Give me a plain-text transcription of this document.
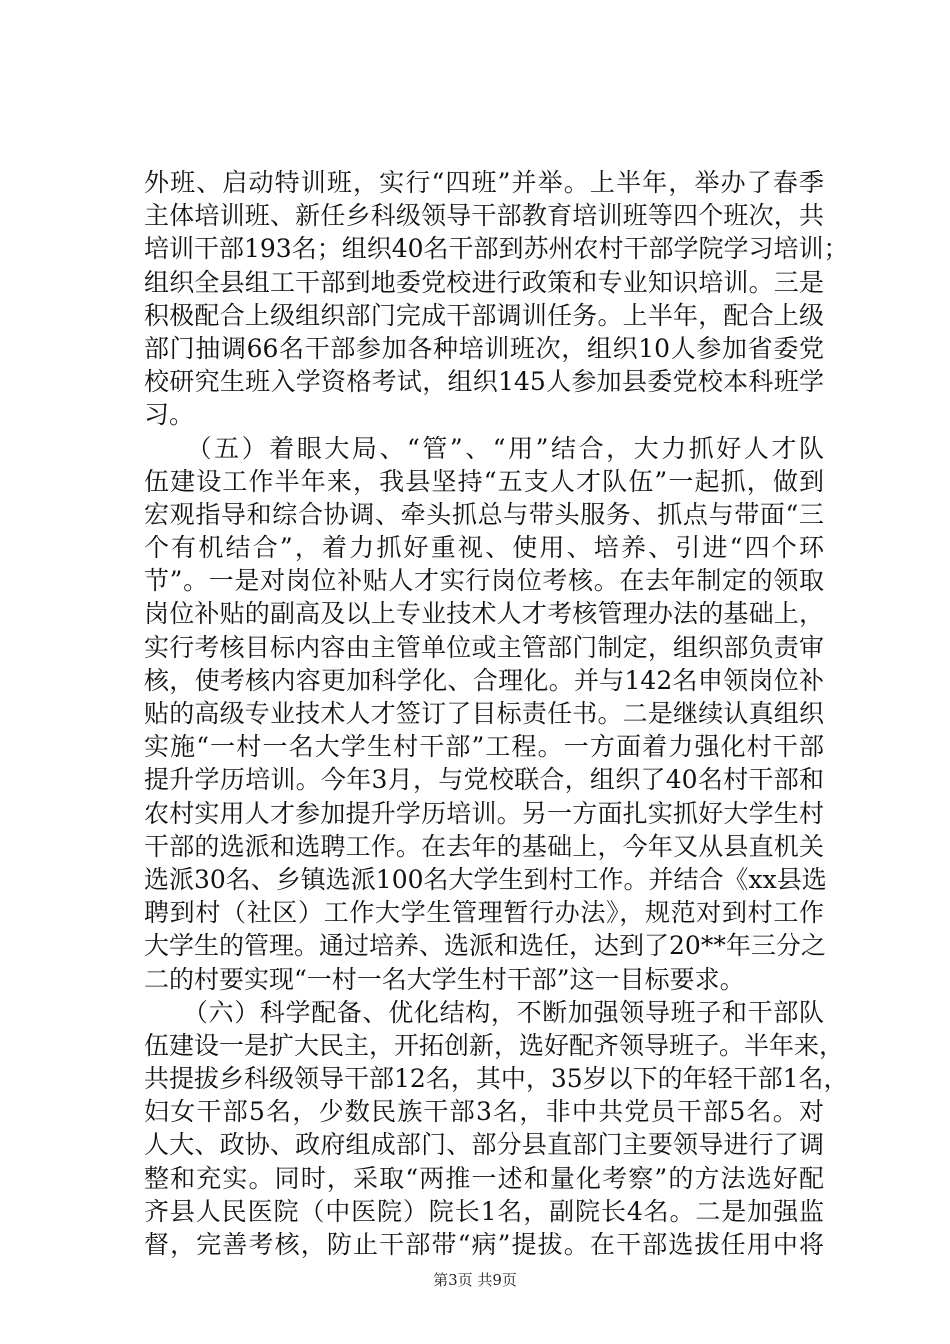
外班、启动特训班，实行“四班”并举。上半年，举办了春季
主体培训班、新任乡科级领导干部教育培训班等四个班次，共
培训干部193名；组织40名干部到苏州农村干部学院学习培训；
组织全县组工干部到地委党校进行政策和专业知识培训。三是
积极配合上级组织部门完成干部调训任务。上半年，配合上级
部门抽调66名干部参加各种培训班次，组织10人参加省委党
校研究生班入学资格考试，组织145人参加县委党校本科班学
习。
　　（五）着眼大局、“管”、“用”结合，大力抓好人才队
伍建设工作半年来，我县坚持“五支人才队伍”一起抓，做到
宏观指导和综合协调、牵头抓总与带头服务、抓点与带面“三
个有机结合”，着力抓好重视、使用、培养、引进“四个环
节”。一是对岗位补贴人才实行岗位考核。在去年制定的领取
岗位补贴的副高及以上专业技术人才考核管理办法的基础上，
实行考核目标内容由主管单位或主管部门制定，组织部负责审
核，使考核内容更加科学化、合理化。并与142名申领岗位补
贴的高级专业技术人才签订了目标责任书。二是继续认真组织
实施“一村一名大学生村干部”工程。一方面着力强化村干部
提升学历培训。今年3月，与党校联合，组织了40名村干部和
农村实用人才参加提升学历培训。另一方面扎实抓好大学生村
干部的选派和选聘工作。在去年的基础上，今年又从县直机关
选派30名、乡镇选派100名大学生到村工作。并结合《xx县选
聘到村（社区）工作大学生管理暂行办法》，规范对到村工作
大学生的管理。通过培养、选派和选任，达到了20**年三分之
二的村要实现“一村一名大学生村干部”这一目标要求。
　　（六）科学配备、优化结构，不断加强领导班子和干部队
伍建设一是扩大民主，开拓创新，选好配齐领导班子。半年来，
共提拔乡科级领导干部12名，其中，35岁以下的年轻干部1名，
妇女干部5名，少数民族干部3名，非中共党员干部5名。对
人大、政协、政府组成部门、部分县直部门主要领导进行了调
整和充实。同时，采取“两推一述和量化考察”的方法选好配
齐县人民医院（中医院）院长1名，副院长4名。二是加强监
督，完善考核，防止干部带“病”提拔。在干部选拔任用中将
第3页 共9页
